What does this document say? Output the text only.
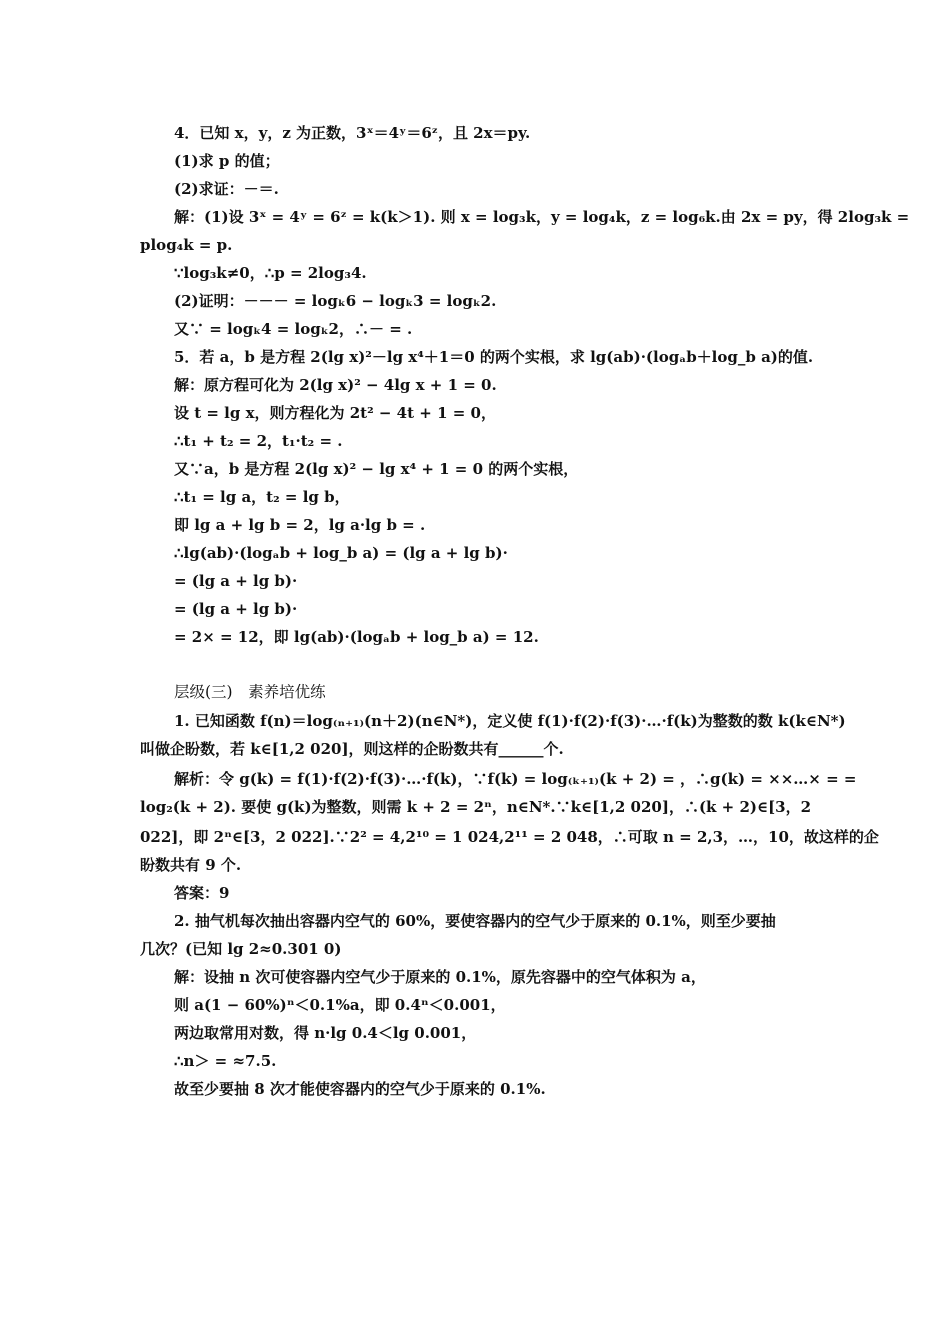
4．已知 x，y，z 为正数，3ˣ＝4ʸ＝6ᶻ，且 2x＝py.
(1)求 p 的值；
(2)求证：－＝.
解：(1)设 3ˣ = 4ʸ = 6ᶻ = k(k＞1). 则 x = log₃k，y = log₄k，z = log₆k.由 2x = py，得 2log₃k =
plog₄k = p.
∵log₃k≠0，∴p = 2log₃4.
(2)证明：－－－ = logₖ6 − logₖ3 = logₖ2.
又∵ = logₖ4 = logₖ2，∴－ = .
5．若 a，b 是方程 2(lg x)²－lg x⁴＋1＝0 的两个实根，求 lg(ab)·(logₐb＋log_b a)的值.
解：原方程可化为 2(lg x)² − 4lg x + 1 = 0.
设 t = lg x，则方程化为 2t² − 4t + 1 = 0，
∴t₁ + t₂ = 2，t₁·t₂ = .
又∵a，b 是方程 2(lg x)² − lg x⁴ + 1 = 0 的两个实根，
∴t₁ = lg a，t₂ = lg b，
即 lg a + lg b = 2，lg a·lg b = .
∴lg(ab)·(logₐb + log_b a) = (lg a + lg b)·
= (lg a + lg b)·
= (lg a + lg b)·
= 2× = 12，即 lg(ab)·(logₐb + log_b a) = 12.
层级(三)　素养培优练
1. 已知函数 f(n)＝log₍ₙ₊₁₎(n＋2)(n∈N*)，定义使 f(1)·f(2)·f(3)·…·f(k)为整数的数 k(k∈N*)
叫做企盼数，若 k∈[1,2 020]，则这样的企盼数共有______个.
解析：令 g(k) = f(1)·f(2)·f(3)·…·f(k)，∵f(k) = log₍ₖ₊₁₎(k + 2) = ，∴g(k) = ××…× = =
log₂(k + 2). 要使 g(k)为整数，则需 k + 2 = 2ⁿ，n∈N*.∵k∈[1,2 020]，∴(k + 2)∈[3，2
022]，即 2ⁿ∈[3，2 022].∵2² = 4,2¹⁰ = 1 024,2¹¹ = 2 048，∴可取 n = 2,3，…，10，故这样的企
盼数共有 9 个.
答案：9
2. 抽气机每次抽出容器内空气的 60%，要使容器内的空气少于原来的 0.1%，则至少要抽
几次？(已知 lg 2≈0.301 0)
解：设抽 n 次可使容器内空气少于原来的 0.1%，原先容器中的空气体积为 a，
则 a(1 − 60%)ⁿ＜0.1%a，即 0.4ⁿ＜0.001，
两边取常用对数，得 n·lg 0.4＜lg 0.001，
∴n＞ = ≈7.5.
故至少要抽 8 次才能使容器内的空气少于原来的 0.1%.
